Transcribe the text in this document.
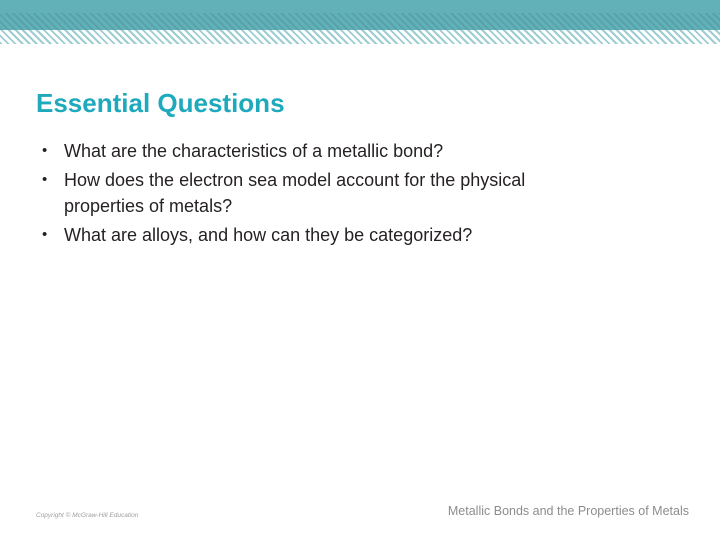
Essential Questions
• What are the characteristics of a metallic bond?
• How does the electron sea model account for the physical properties of metals?
• What are alloys, and how can they be categorized?
Copyright © McGraw-Hill Education	Metallic Bonds and the Properties of Metals
